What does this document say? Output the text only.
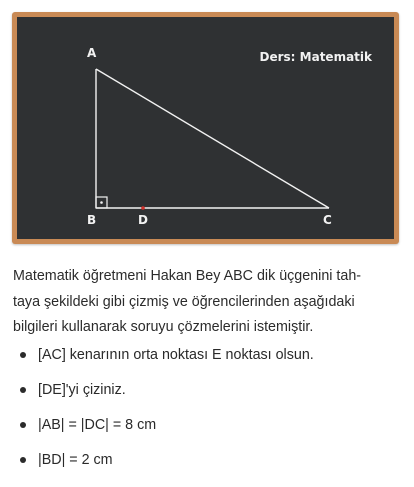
A
B	D	C
Ders: Matematik
Matematik öğretmeni Hakan Bey ABC dik üçgenini tah-
taya şekildeki gibi çizmiş ve öğrencilerinden aşağıdaki
bilgileri kullanarak soruyu çözmelerini istemiştir.
[AC] kenarının orta noktası E noktası olsun.
[DE]'yi çiziniz.
|AB| = |DC| = 8 cm
|BD| = 2 cm
